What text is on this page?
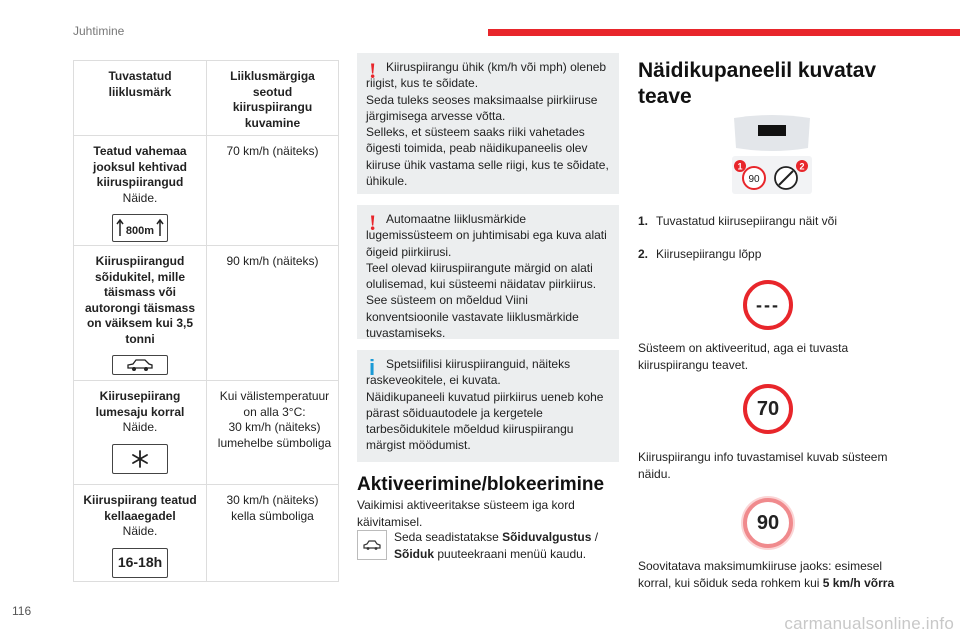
Juhtimine
116
carmanualsonline.info
Tuvastatud liiklusmärk
Liiklusmärgiga seotud kiiruspiirangu kuvamine
Teatud vahemaa jooksul kehtivad kiiruspiirangud
Näide.
800m
70 km/h (näiteks)
Kiiruspiirangud sõidukitel, mille täismass või autorongi täismass on väiksem kui 3,5 tonni
90 km/h (näiteks)
Kiirusepiirang lumesaju korral
Näide.
Kui välistemperatuur on alla 3°C:
30 km/h (näiteks)
lumehelbe sümboliga
Kiiruspiirang teatud kellaaegadel
Näide.
16-18h
30 km/h (näiteks)
kella sümboliga
! Kiiruspiirangu ühik (km/h või mph) oleneb riigist, kus te sõidate.
Seda tuleks seoses maksimaalse piirkiiruse järgimisega arvesse võtta.
Selleks, et süsteem saaks riiki vahetades õigesti toimida, peab näidikupaneelis olev kiiruse ühik vastama selle riigi, kus te sõidate, ühikule.
! Automaatne liiklusmärkide lugemissüsteem on juhtimisabi ega kuva alati õigeid piirkiirusi.
Teel olevad kiiruspiirangute märgid on alati olulisemad, kui süsteemi näidatav piirkiirus.
See süsteem on mõeldud Viini konventsioonile vastavate liiklusmärkide tuvastamiseks.
i Spetsiifilisi kiiruspiiranguid, näiteks raskeveokitele, ei kuvata.
Näidikupaneeli kuvatud piirkiirus ueneb kohe pärast sõiduautodele ja kergetele tarbesõidukitele mõeldud kiiruspiirangu märgist möödumist.
Aktiveerimine/blokeerimine
Vaikimisi aktiveeritakse süsteem iga kord käivitamisel.
Seda seadistatakse Sõiduvalgustus / Sõiduk puuteekraani menüü kaudu.
Näidikupaneelil kuvatav
teave
90
1	2
1. Tuvastatud kiirusepiirangu näit või
2. Kiirusepiirangu lõpp
---
Süsteem on aktiveeritud, aga ei tuvasta kiiruspiirangu teavet.
70
Kiiruspiirangu info tuvastamisel kuvab süsteem näidu.
90
Soovitatava maksimumkiiruse jaoks: esimesel korral, kui sõiduk seda rohkem kui 5 km/h võrra
